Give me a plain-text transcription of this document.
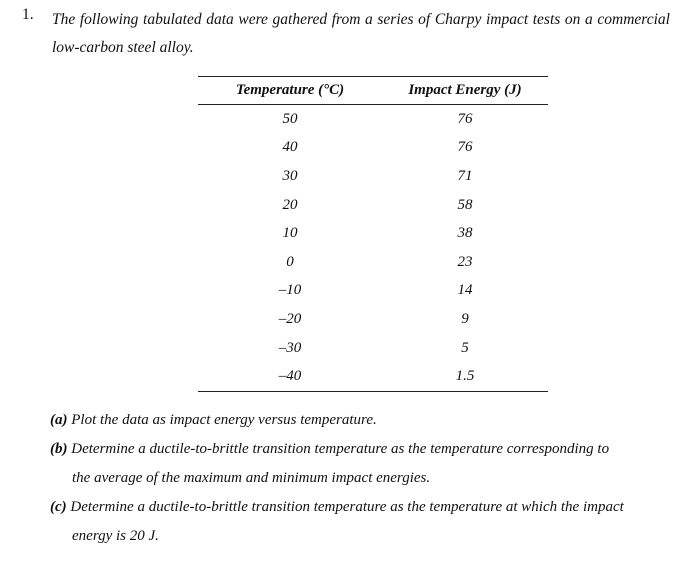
1. The following tabulated data were gathered from a series of Charpy impact tests on a commercial low-carbon steel alloy.
Temperature (°C)	Impact Energy (J)
50	76
40	76
30	71
20	58
10	38
0	23
–10	14
–20	9
–30	5
–40	1.5

(a) Plot the data as impact energy versus temperature.

(b) Determine a ductile-to-brittle transition temperature as the temperature corresponding to

the average of the maximum and minimum impact energies.

(c) Determine a ductile-to-brittle transition temperature as the temperature at which the impact

energy is 20 J.
